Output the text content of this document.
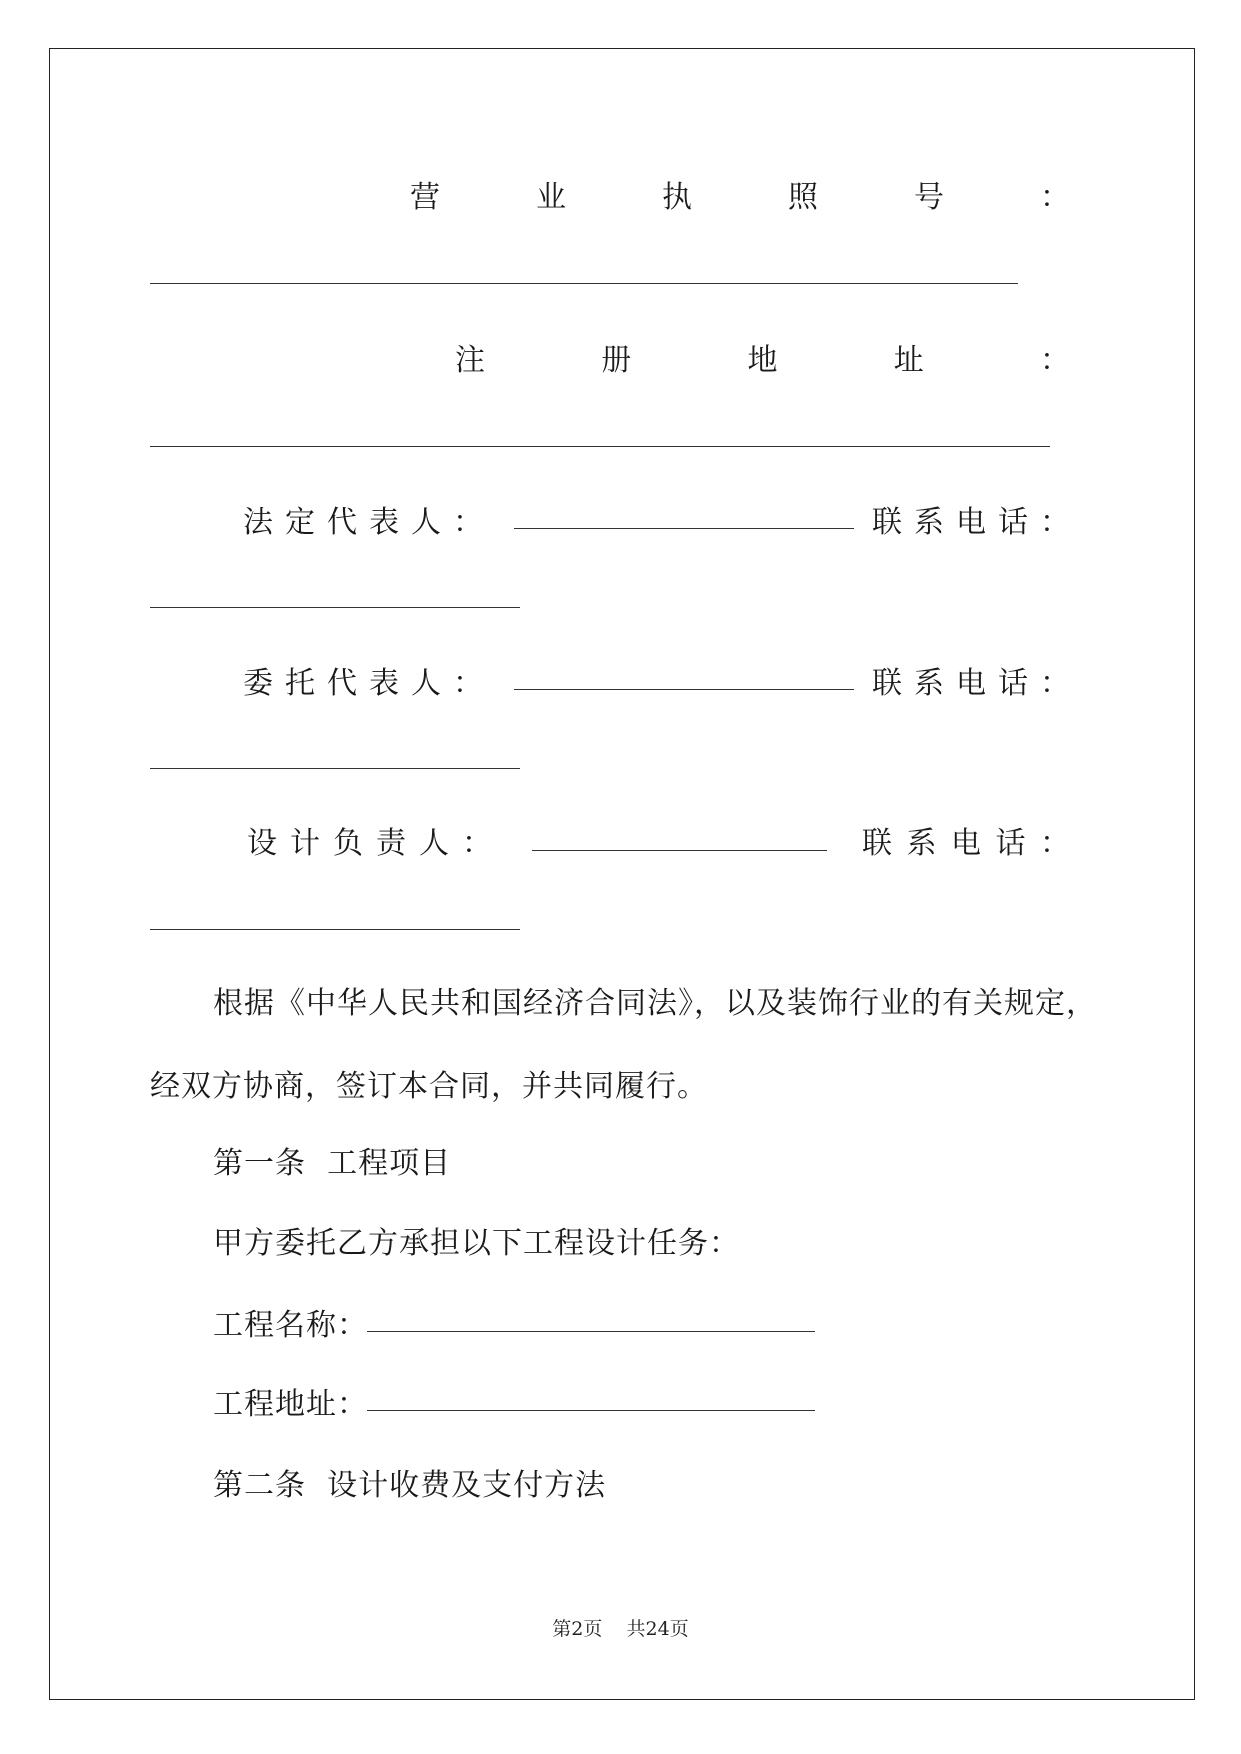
营	业	执	照	号	：
注	册	地	址	：
法 定 代 表 人 ：	联 系 电 话 ：
委 托 代 表 人 ：	联 系 电 话 ：
设 计 负 责 人 ：	联 系 电 话 ：
根据《中华人民共和国经济合同法》，以及装饰行业的有关规定，
经双方协商，签订本合同，并共同履行。
第一条  工程项目
甲方委托乙方承担以下工程设计任务：
工程名称：
工程地址：
第二条  设计收费及支付方法
第2页    共24页
